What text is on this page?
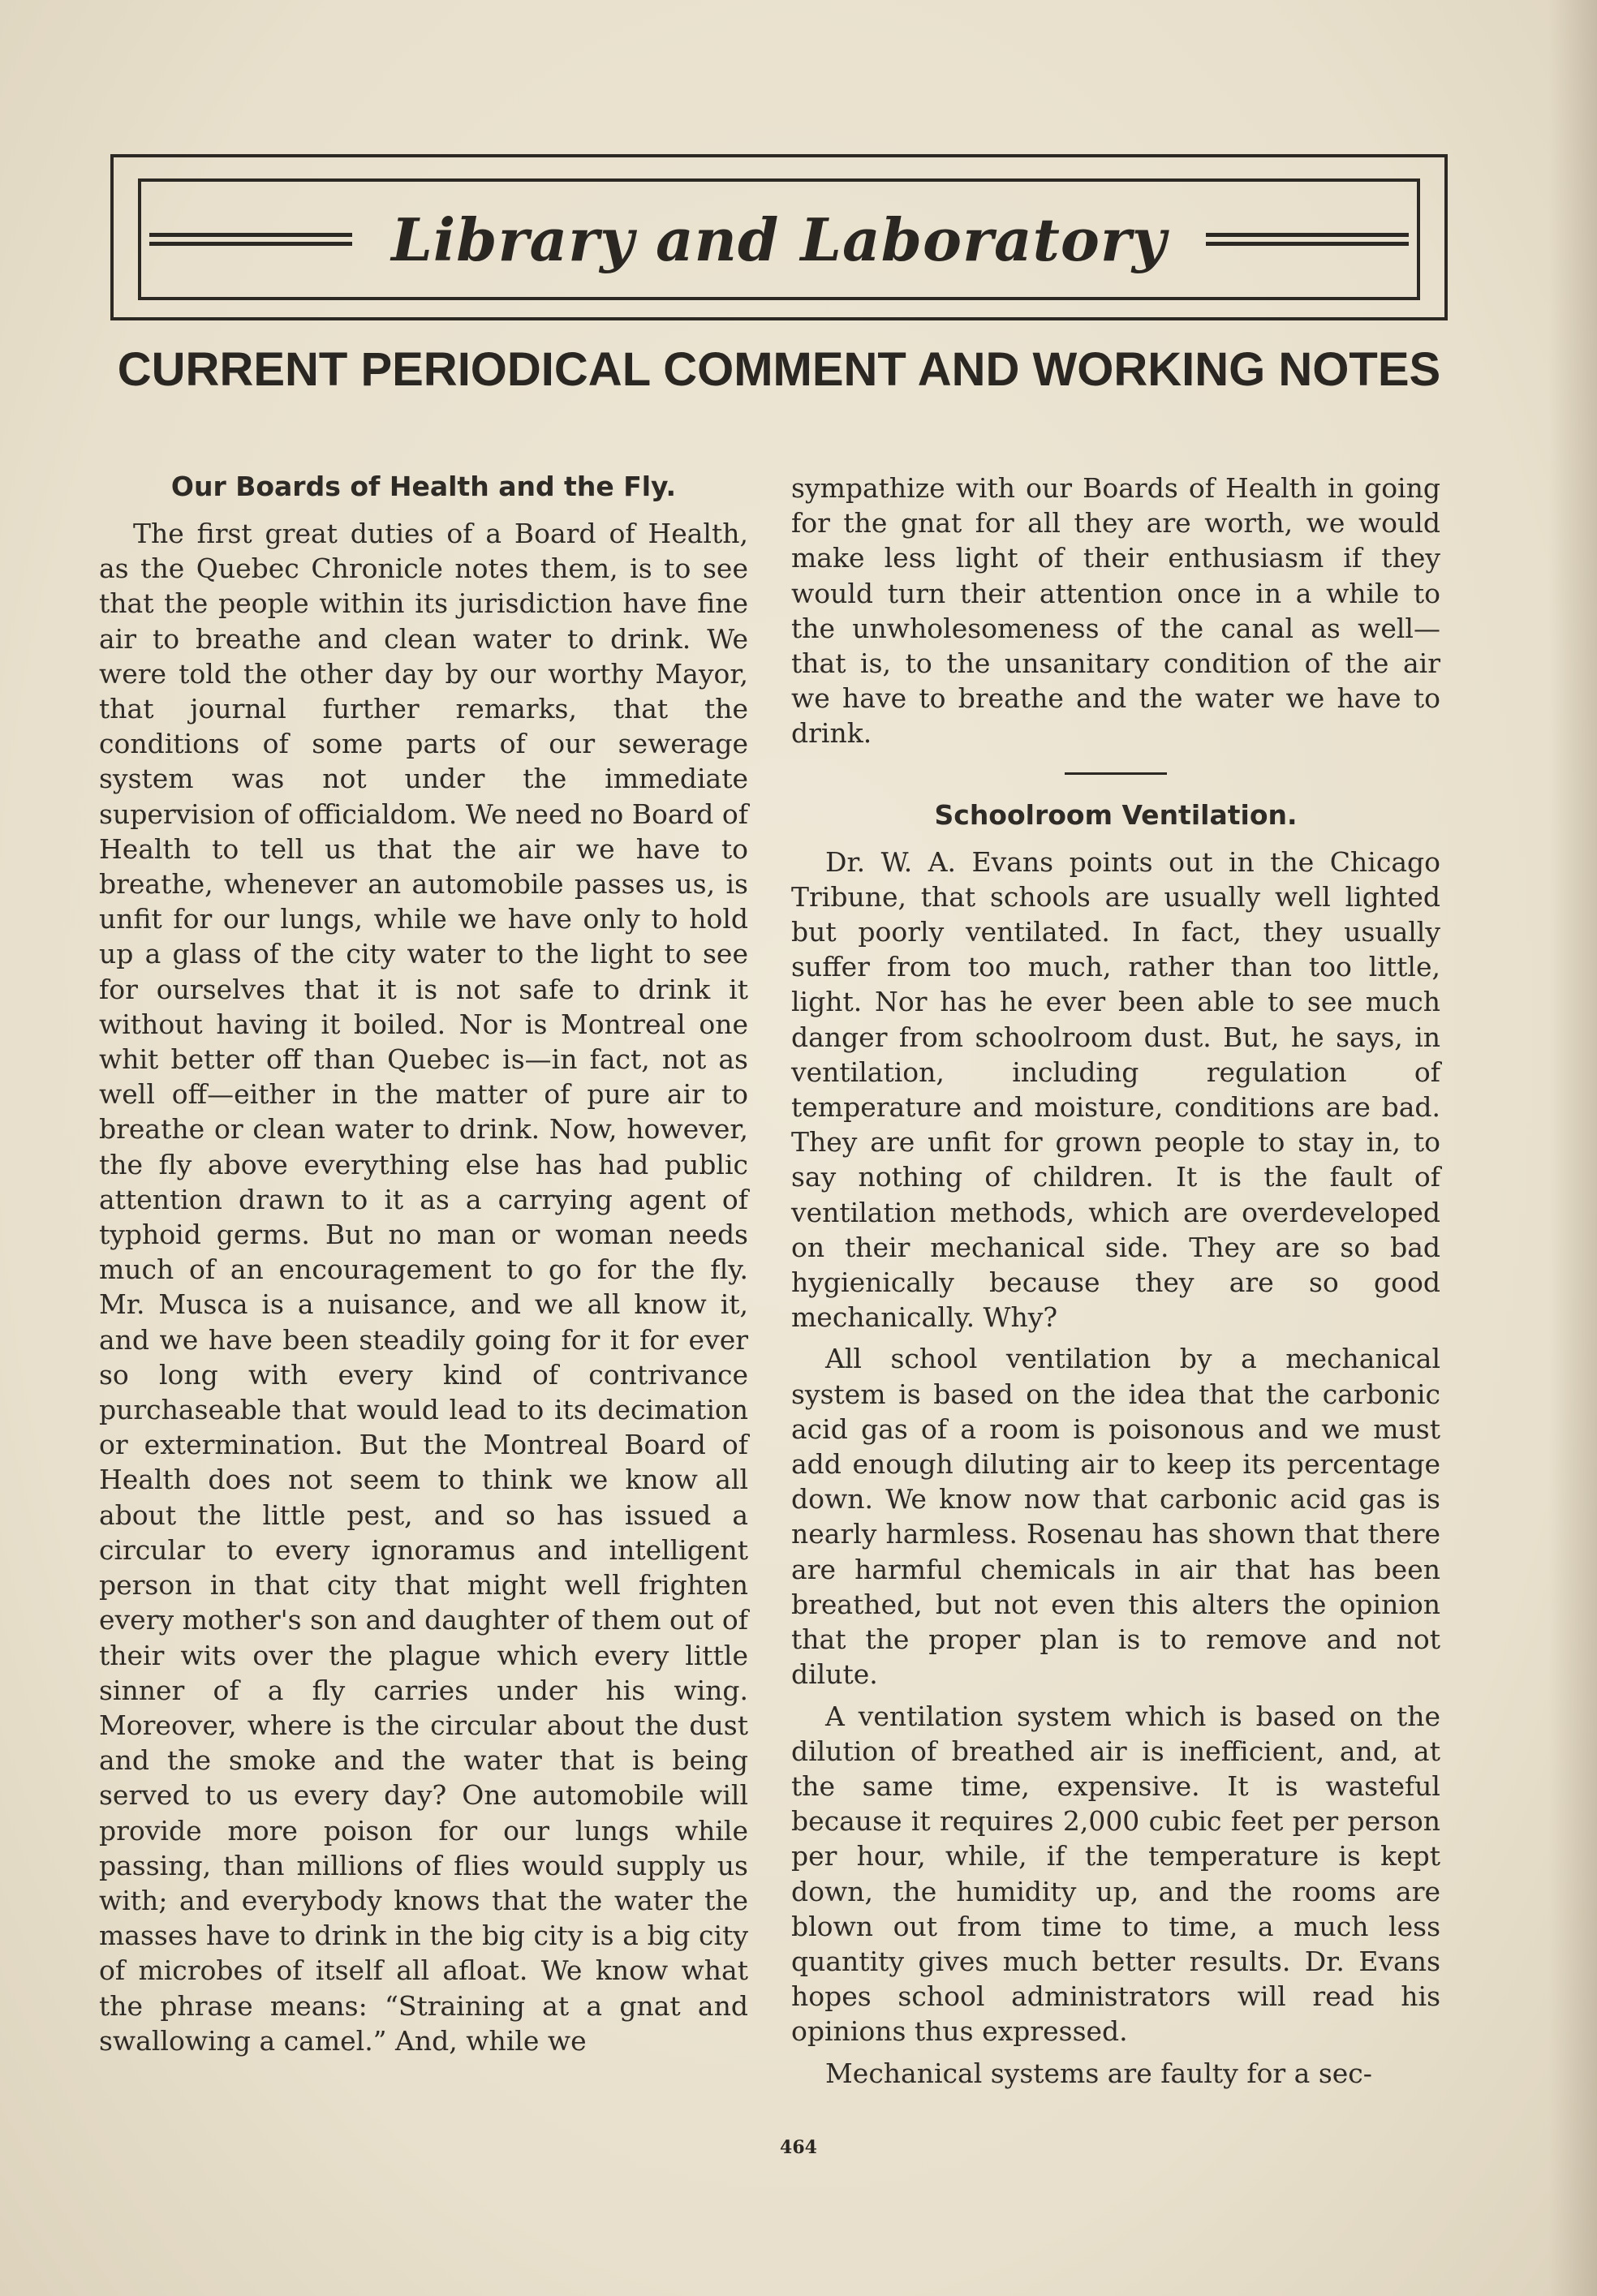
Library and Laboratory
CURRENT PERIODICAL COMMENT AND WORKING NOTES
Our Boards of Health and the Fly.

The first great duties of a Board of Health, as the Quebec Chronicle notes them, is to see that the people within its jurisdiction have fine air to breathe and clean water to drink. We were told the other day by our worthy Mayor, that journal further remarks, that the conditions of some parts of our sewerage system was not under the immediate supervision of officialdom. We need no Board of Health to tell us that the air we have to breathe, whenever an automobile passes us, is unfit for our lungs, while we have only to hold up a glass of the city water to the light to see for ourselves that it is not safe to drink it without having it boiled. Nor is Montreal one whit better off than Quebec is—in fact, not as well off—either in the matter of pure air to breathe or clean water to drink. Now, however, the fly above everything else has had public attention drawn to it as a carrying agent of typhoid germs. But no man or woman needs much of an encouragement to go for the fly. Mr. Musca is a nuisance, and we all know it, and we have been steadily going for it for ever so long with every kind of contrivance purchaseable that would lead to its decimation or extermination. But the Montreal Board of Health does not seem to think we know all about the little pest, and so has issued a circular to every ignoramus and intelligent person in that city that might well frighten every mother's son and daughter of them out of their wits over the plague which every little sinner of a fly carries under his wing. Moreover, where is the circular about the dust and the smoke and the water that is being served to us every day? One automobile will provide more poison for our lungs while passing, than millions of flies would supply us with; and everybody knows that the water the masses have to drink in the big city is a big city of microbes of itself all afloat. We know what the phrase means: “Straining at a gnat and swallowing a camel.” And, while we

sympathize with our Boards of Health in going for the gnat for all they are worth, we would make less light of their enthusiasm if they would turn their attention once in a while to the unwholesomeness of the canal as well—that is, to the unsanitary condition of the air we have to breathe and the water we have to drink.

Schoolroom Ventilation.

Dr. W. A. Evans points out in the Chicago Tribune, that schools are usually well lighted but poorly ventilated. In fact, they usually suffer from too much, rather than too little, light. Nor has he ever been able to see much danger from schoolroom dust. But, he says, in ventilation, including regulation of temperature and moisture, conditions are bad. They are unfit for grown people to stay in, to say nothing of children. It is the fault of ventilation methods, which are overdeveloped on their mechanical side. They are so bad hygienically because they are so good mechanically. Why?

All school ventilation by a mechanical system is based on the idea that the carbonic acid gas of a room is poisonous and we must add enough diluting air to keep its percentage down. We know now that carbonic acid gas is nearly harmless. Rosenau has shown that there are harmful chemicals in air that has been breathed, but not even this alters the opinion that the proper plan is to remove and not dilute.

A ventilation system which is based on the dilution of breathed air is inefficient, and, at the same time, expensive. It is wasteful because it requires 2,000 cubic feet per person per hour, while, if the temperature is kept down, the humidity up, and the rooms are blown out from time to time, a much less quantity gives much better results. Dr. Evans hopes school administrators will read his opinions thus expressed.

Mechanical systems are faulty for a sec-

464
